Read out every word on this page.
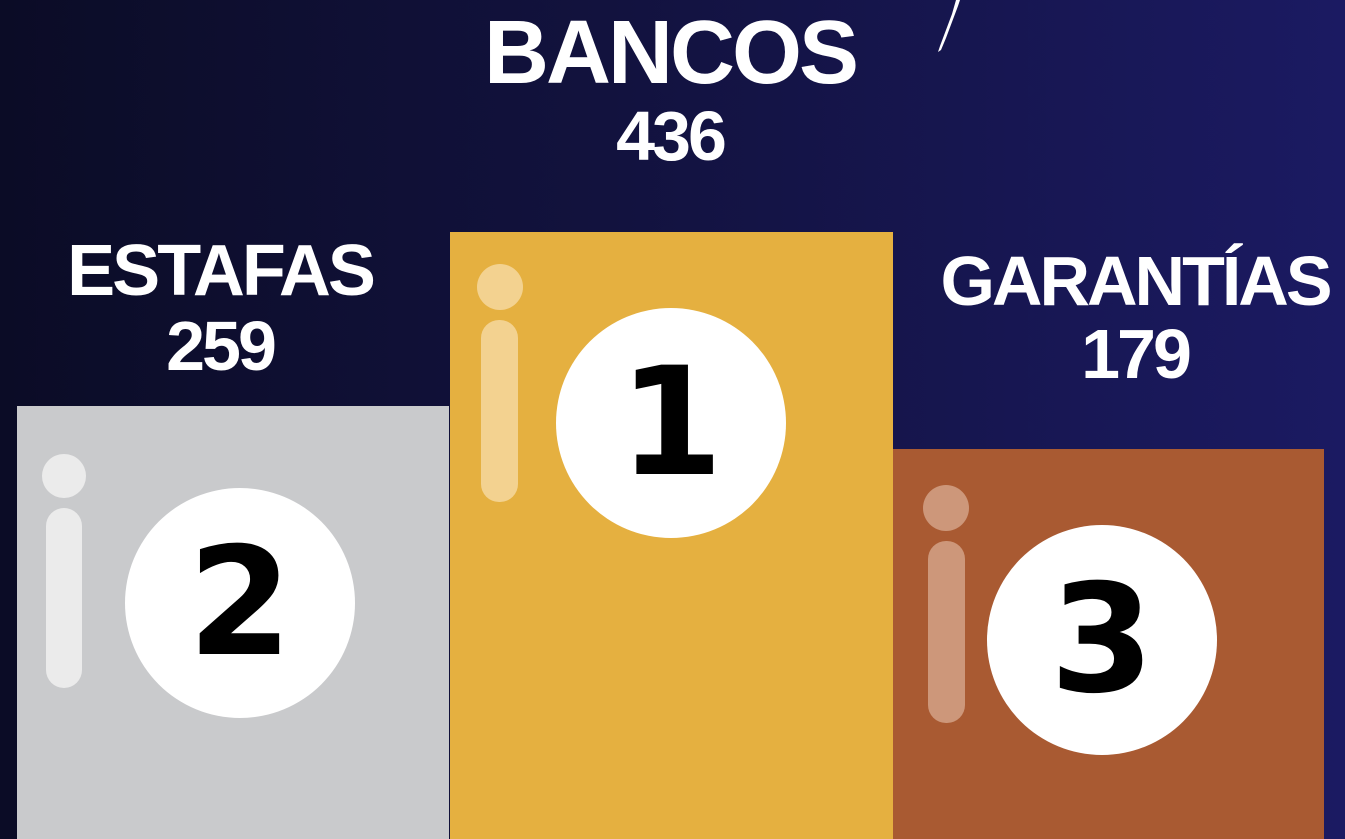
BANCOS
436
ESTAFAS
259
GARANTÍAS
179
2
1
3
